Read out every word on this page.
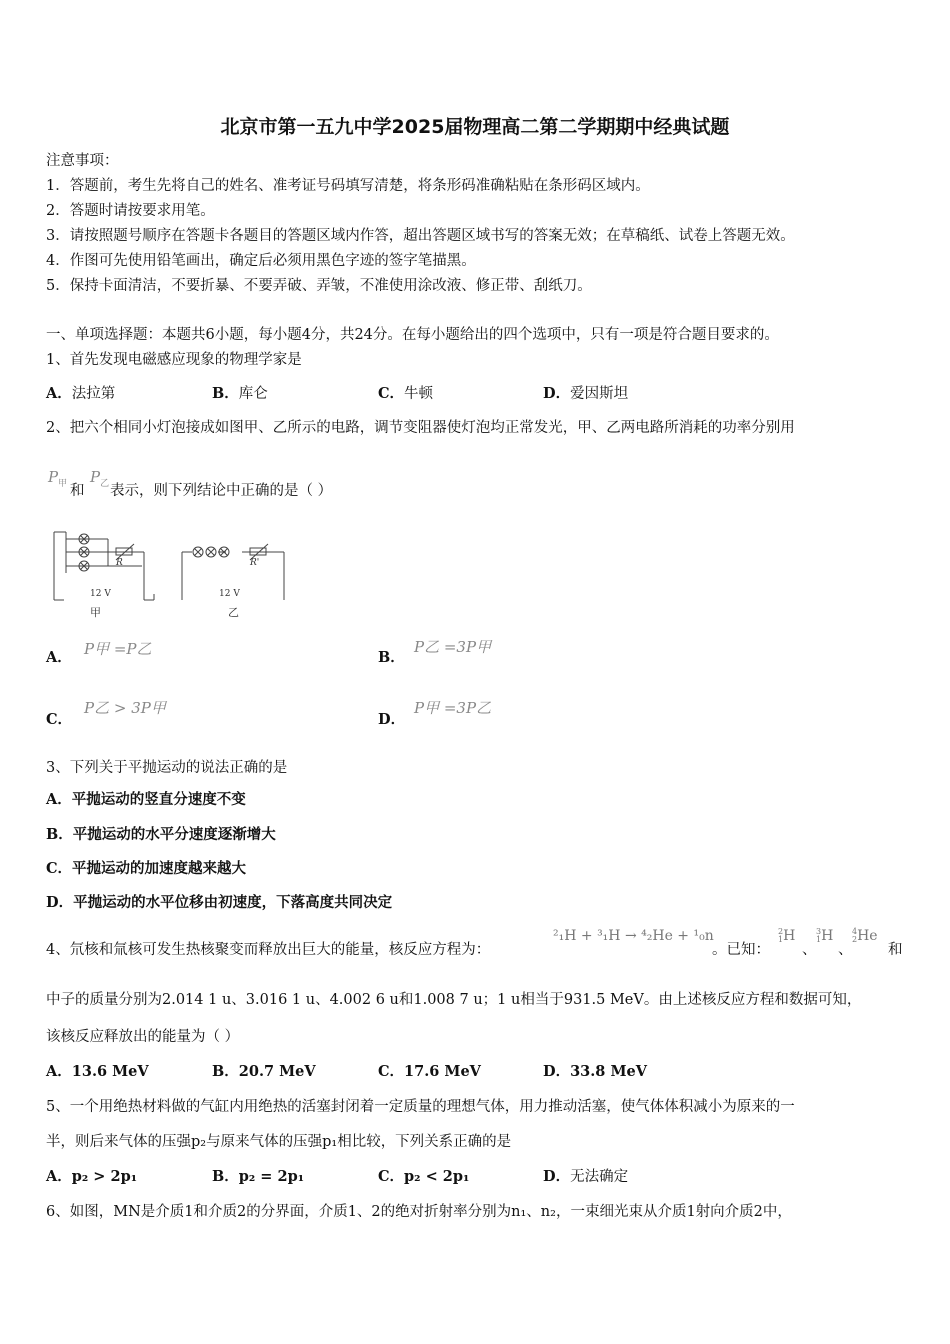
北京市第一五九中学2025届物理高二第二学期期中经典试题
注意事项：
1．答题前，考生先将自己的姓名、准考证号码填写清楚，将条形码准确粘贴在条形码区域内。
2．答题时请按要求用笔。
3．请按照题号顺序在答题卡各题目的答题区域内作答，超出答题区域书写的答案无效；在草稿纸、试卷上答题无效。
4．作图可先使用铅笔画出，确定后必须用黑色字迹的签字笔描黑。
5．保持卡面清洁，不要折暴、不要弄破、弄皱，不准使用涂改液、修正带、刮纸刀。
一、单项选择题：本题共6小题，每小题4分，共24分。在每小题给出的四个选项中，只有一项是符合题目要求的。
1、首先发现电磁感应现象的物理学家是
A．法拉第	B．库仑	C．牛顿	D．爱因斯坦
2、把六个相同小灯泡接成如图甲、乙所示的电路，调节变阻器使灯泡均正常发光，甲、乙两电路所消耗的功率分别用
$P_甲$ 和
$P_乙$ 表示，则下列结论中正确的是（ ）
R	R'
12 V	12 V
甲	乙
A． P甲 =P乙	B．
P乙 =3P甲
C．
P乙 > 3P甲
D．
P甲 =3P乙
3、下列关于平抛运动的说法正确的是
A．平抛运动的竖直分速度不变
B．平抛运动的水平分速度逐渐增大
C．平抛运动的加速度越来越大
D．平抛运动的水平位移由初速度，下落高度共同决定
4、氘核和氚核可发生热核聚变而释放出巨大的能量，核反应方程为：
²₁H + ³₁H → ⁴₂He + ¹₀n
。已知：
2
1H
、
3
1H
、
4
2He
和
中子的质量分别为2.014 1 u、3.016 1 u、4.002 6 u和1.008 7 u；1 u相当于931.5 MeV。由上述核反应方程和数据可知，
该核反应释放出的能量为（ ）
A．13.6 MeV	B．20.7 MeV	C．17.6 MeV	D．33.8 MeV
5、一个用绝热材料做的气缸内用绝热的活塞封闭着一定质量的理想气体，用力推动活塞，使气体体积减小为原来的一
半，则后来气体的压强p₂与原来气体的压强p₁相比较，下列关系正确的是
A．p₂ > 2p₁	B．p₂ = 2p₁	C．p₂ < 2p₁	D．无法确定
6、如图，MN是介质1和介质2的分界面，介质1、2的绝对折射率分别为n₁、n₂，一束细光束从介质1射向介质2中，
